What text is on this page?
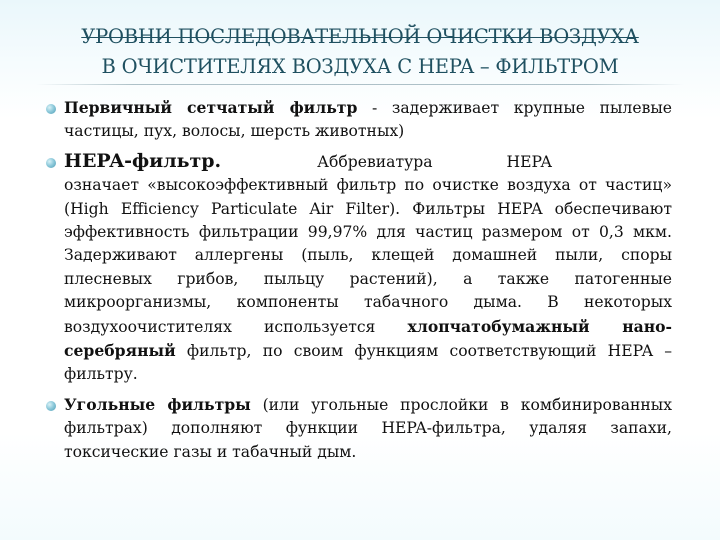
УРОВНИ ПОСЛЕДОВАТЕЛЬНОЙ ОЧИСТКИ ВОЗДУХА
В ОЧИСТИТЕЛЯХ ВОЗДУХА С HEPA – ФИЛЬТРОМ

Первичный сетчатый фильтр - задерживает крупные пылевые частицы, пух, волосы, шерсть животных)

HEPA-фильтр.	Аббревиатура	HEPAозначает «высокоэффективный фильтр по очистке воздуха от частиц» (High Efficiency Particulate Air Filter). Фильтры HEPA обеспечивают эффективность фильтрации 99,97% для частиц размером от 0,3 мкм. Задерживают аллергены (пыль, клещей домашней пыли, споры плесневых грибов, пыльцу растений), а также патогенные микроорганизмы, компоненты табачного дыма. В некоторых воздухоочистителях используется хлопчатобумажный нано-серебряный фильтр, по своим функциям соответствующий HEPA – фильтру.

Угольные фильтры (или угольные прослойки в комбинированных фильтрах) дополняют функции HEPA-фильтра, удаляя запахи, токсические газы и табачный дым.
